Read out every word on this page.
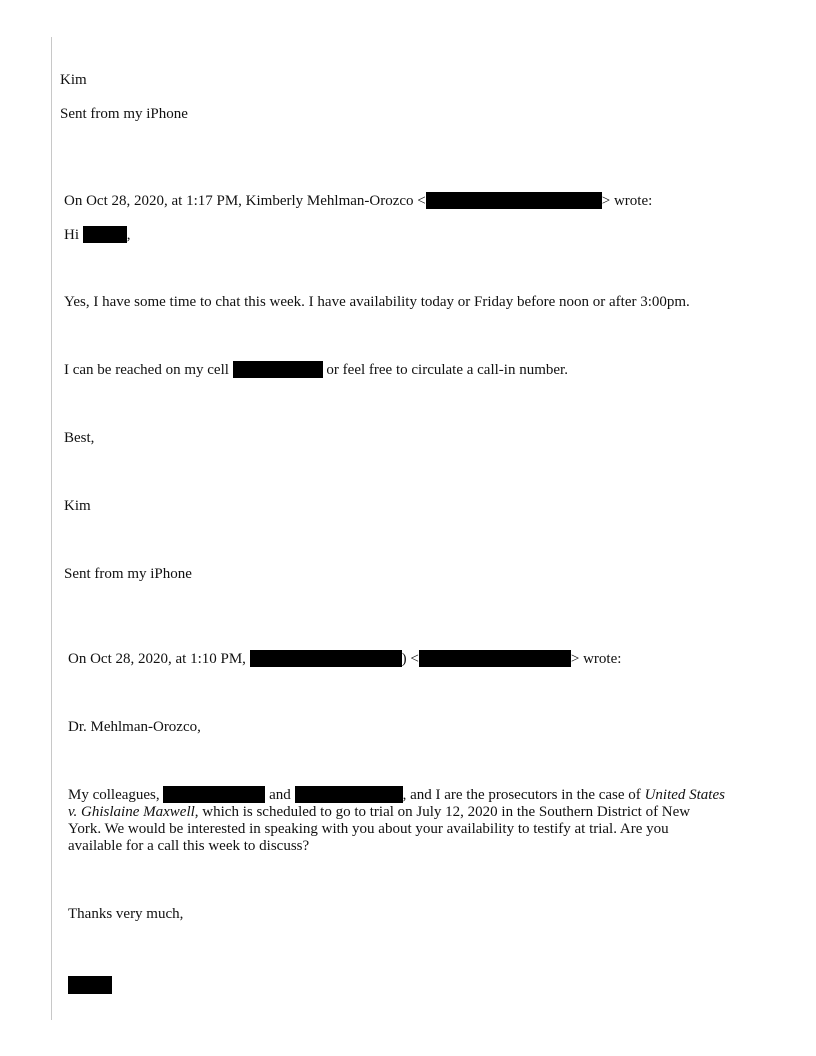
Kim
Sent from my iPhone
On Oct 28, 2020, at 1:17 PM, Kimberly Mehlman-Orozco <	> wrote:
Hi	,
Yes, I have some time to chat this week. I have availability today or Friday before noon or after 3:00pm.
I can be reached on my cell	or feel free to circulate a call-in number.
Best,
Kim
Sent from my iPhone
On Oct 28, 2020, at 1:10 PM,	) <	> wrote:
Dr. Mehlman-Orozco,
My colleagues,	and	, and I are the prosecutors in the case of United States
v. Ghislaine Maxwell, which is scheduled to go to trial on July 12, 2020 in the Southern District of New
York. We would be interested in speaking with you about your availability to testify at trial. Are you
available for a call this week to discuss?
Thanks very much,
